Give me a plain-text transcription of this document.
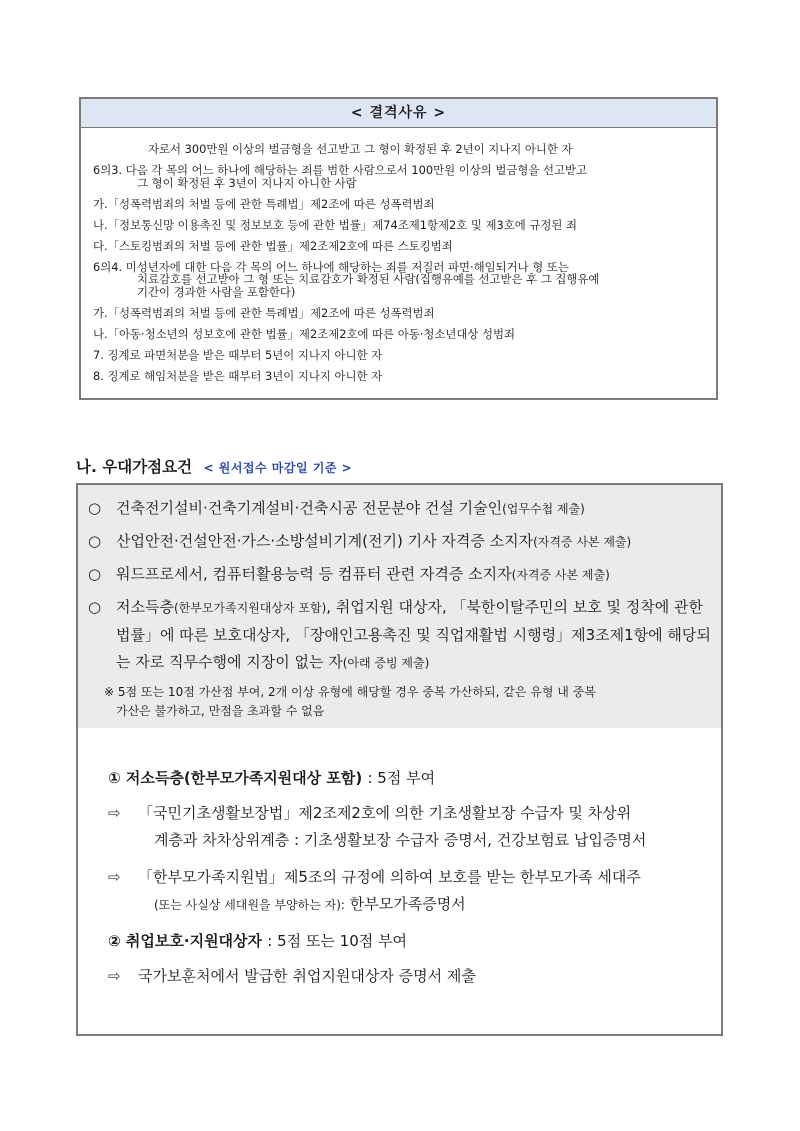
< 결격사유 >
자로서 300만원 이상의 벌금형을 선고받고 그 형이 확정된 후 2년이 지나지 아니한 자
6의3. 다음 각 목의 어느 하나에 해당하는 죄를 범한 사람으로서 100만원 이상의 벌금형을 선고받고
그 형이 확정된 후 3년이 지나지 아니한 사람
가.「성폭력범죄의 처벌 등에 관한 특례법」제2조에 따른 성폭력범죄
나.「정보통신망 이용촉진 및 정보보호 등에 관한 법률」제74조제1항제2호 및 제3호에 규정된 죄
다.「스토킹범죄의 처벌 등에 관한 법률」제2조제2호에 따른 스토킹범죄
6의4. 미성년자에 대한 다음 각 목의 어느 하나에 해당하는 죄를 저질러 파면·해임되거나 형 또는
치료감호를 선고받아 그 형 또는 치료감호가 확정된 사람(집행유예를 선고받은 후 그 집행유예
기간이 경과한 사람을 포함한다)
가.「성폭력범죄의 처벌 등에 관한 특례법」제2조에 따른 성폭력범죄
나.「아동·청소년의 성보호에 관한 법률」제2조제2호에 따른 아동·청소년대상 성범죄
7. 징계로 파면처분을 받은 때부터 5년이 지나지 아니한 자
8. 징계로 해임처분을 받은 때부터 3년이 지나지 아니한 자
나. 우대가점요건 < 원서접수 마감일 기준 >
○ 건축전기설비·건축기계설비·건축시공 전문분야 건설 기술인(업무수첩 제출)
○ 산업안전·건설안전·가스·소방설비기계(전기) 기사 자격증 소지자(자격증 사본 제출)
○ 워드프로세서, 컴퓨터활용능력 등 컴퓨터 관련 자격증 소지자(자격증 사본 제출)
○ 저소득층(한부모가족지원대상자 포함), 취업지원 대상자, 「북한이탈주민의 보호 및 정착에 관한 법률」에 따른 보호대상자, 「장애인고용촉진 및 직업재활법 시행령」제3조제1항에 해당되는 자로 직무수행에 지장이 없는 자(아래 증빙 제출)
※ 5점 또는 10점 가산점 부여, 2개 이상 유형에 해당할 경우 중복 가산하되, 같은 유형 내 중복
가산은 불가하고, 만점을 초과할 수 없음
① 저소득층(한부모가족지원대상 포함) : 5점 부여
⇨ 「국민기초생활보장법」제2조제2호에 의한 기초생활보장 수급자 및 차상위
계층과 차차상위계층 : 기초생활보장 수급자 증명서, 건강보험료 납입증명서
⇨ 「한부모가족지원법」제5조의 규정에 의하여 보호를 받는 한부모가족 세대주
(또는 사실상 세대원을 부양하는 자): 한부모가족증명서
② 취업보호·지원대상자 : 5점 또는 10점 부여
⇨ 국가보훈처에서 발급한 취업지원대상자 증명서 제출
